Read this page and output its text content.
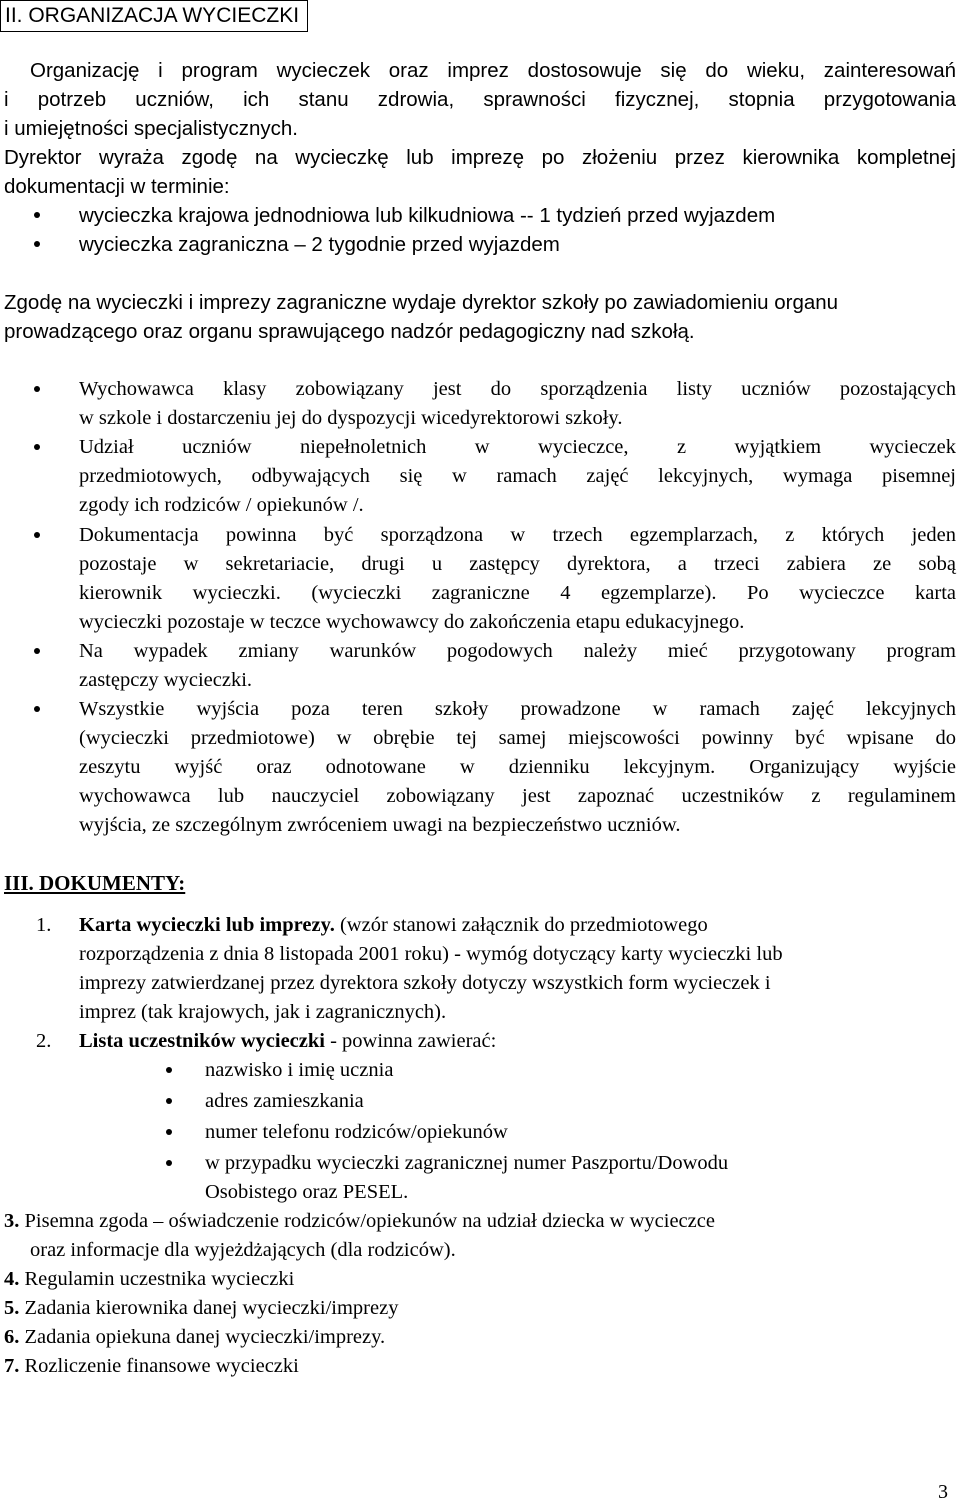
II. ORGANIZACJA WYCIECZKI
Organizację i program wycieczek oraz imprez dostosowuje się do wieku, zainteresowań
i potrzeb uczniów, ich stanu zdrowia, sprawności fizycznej, stopnia przygotowania
i umiejętności specjalistycznych.
Dyrektor wyraża zgodę na wycieczkę lub imprezę po złożeniu przez kierownika kompletnej
dokumentacji w terminie:
wycieczka krajowa jednodniowa lub kilkudniowa -- 1 tydzień przed wyjazdem
wycieczka zagraniczna – 2 tygodnie przed wyjazdem
Zgodę na wycieczki i imprezy zagraniczne wydaje dyrektor szkoły po zawiadomieniu organu
prowadzącego oraz organu sprawującego nadzór pedagogiczny nad szkołą.
Wychowawca klasy zobowiązany jest do sporządzenia listy uczniów pozostających
w szkole i dostarczeniu jej do dyspozycji wicedyrektorowi szkoły.
Udział uczniów niepełnoletnich w wycieczce, z wyjątkiem wycieczek
przedmiotowych, odbywających się w ramach zajęć lekcyjnych, wymaga pisemnej
zgody ich rodziców / opiekunów /.
Dokumentacja powinna być sporządzona w trzech egzemplarzach, z których jeden
pozostaje w sekretariacie, drugi u zastępcy dyrektora, a trzeci zabiera ze sobą
kierownik wycieczki. (wycieczki zagraniczne 4 egzemplarze). Po wycieczce karta
wycieczki pozostaje w teczce wychowawcy do zakończenia etapu edukacyjnego.
Na wypadek zmiany warunków pogodowych należy mieć przygotowany program
zastępczy wycieczki.
Wszystkie wyjścia poza teren szkoły prowadzone w ramach zajęć lekcyjnych
(wycieczki przedmiotowe) w obrębie tej samej miejscowości powinny być wpisane do
zeszytu wyjść oraz odnotowane w dzienniku lekcyjnym. Organizujący wyjście
wychowawca lub nauczyciel zobowiązany jest zapoznać uczestników z regulaminem
wyjścia, ze szczególnym zwróceniem uwagi na bezpieczeństwo uczniów.
III. DOKUMENTY:
1. Karta wycieczki lub imprezy. (wzór stanowi załącznik do przedmiotowego
rozporządzenia z dnia 8 listopada 2001 roku) - wymóg dotyczący karty wycieczki lub
imprezy zatwierdzanej przez dyrektora szkoły dotyczy wszystkich form wycieczek i
imprez (tak krajowych, jak i zagranicznych).
2. Lista uczestników wycieczki - powinna zawierać:
nazwisko i imię ucznia
adres zamieszkania
numer telefonu rodziców/opiekunów
w przypadku wycieczki zagranicznej numer Paszportu/Dowodu
Osobistego oraz PESEL.
3. Pisemna zgoda – oświadczenie rodziców/opiekunów na udział dziecka w wycieczce
oraz informacje dla wyjeżdżających (dla rodziców).
4. Regulamin uczestnika wycieczki
5. Zadania kierownika danej wycieczki/imprezy
6. Zadania opiekuna danej wycieczki/imprezy.
7. Rozliczenie finansowe wycieczki
3
